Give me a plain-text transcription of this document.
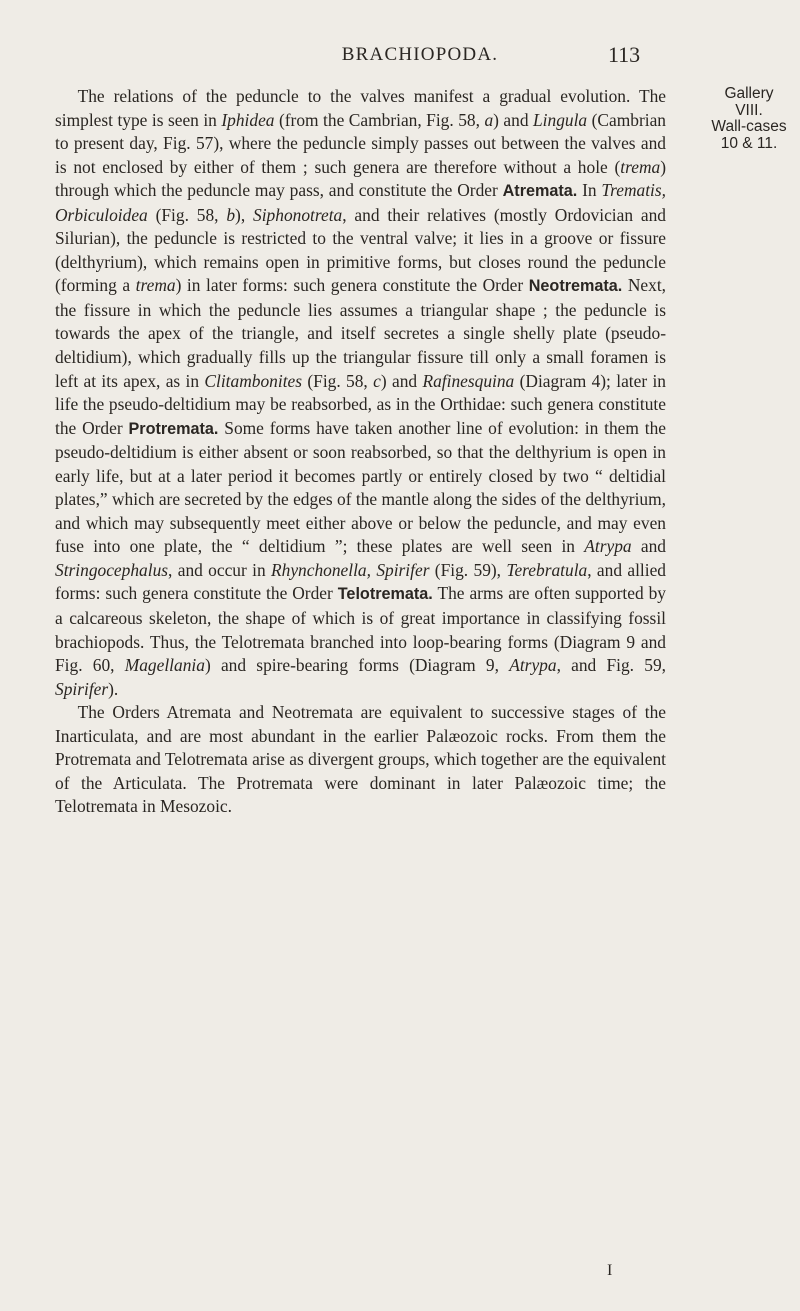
BRACHIOPODA.	113
Gallery
VIII.
Wall-cases
10 & 11.

The relations of the peduncle to the valves manifest a gradual evolution. The simplest type is seen in Iphidea (from the Cambrian, Fig. 58, a) and Lingula (Cambrian to present day, Fig. 57), where the peduncle simply passes out between the valves and is not enclosed by either of them ; such genera are therefore without a hole (trema) through which the peduncle may pass, and constitute the Order Atremata. In Trematis, Orbiculoidea (Fig. 58, b), Siphonotreta, and their relatives (mostly Ordovician and Silurian), the peduncle is restricted to the ventral valve; it lies in a groove or fissure (delthyrium), which remains open in primitive forms, but closes round the peduncle (forming a trema) in later forms: such genera constitute the Order Neotremata. Next, the fissure in which the peduncle lies assumes a triangular shape ; the peduncle is towards the apex of the triangle, and itself secretes a single shelly plate (pseudo-deltidium), which gradually fills up the triangular fissure till only a small foramen is left at its apex, as in Clitambonites (Fig. 58, c) and Rafinesquina (Diagram 4); later in life the pseudo-deltidium may be reabsorbed, as in the Orthidae: such genera constitute the Order Protremata. Some forms have taken another line of evolution: in them the pseudo-deltidium is either absent or soon reabsorbed, so that the delthyrium is open in early life, but at a later period it becomes partly or entirely closed by two “ deltidial plates,” which are secreted by the edges of the mantle along the sides of the delthyrium, and which may subsequently meet either above or below the peduncle, and may even fuse into one plate, the “ deltidium ”; these plates are well seen in Atrypa and Stringocephalus, and occur in Rhynchonella, Spirifer (Fig. 59), Terebratula, and allied forms: such genera constitute the Order Telotremata. The arms are often supported by a calcareous skeleton, the shape of which is of great importance in classifying fossil brachiopods. Thus, the Telotremata branched into loop-bearing forms (Diagram 9 and Fig. 60, Magellania) and spire-bearing forms (Diagram 9, Atrypa, and Fig. 59, Spirifer).

The Orders Atremata and Neotremata are equivalent to successive stages of the Inarticulata, and are most abundant in the earlier Palæozoic rocks. From them the Protremata and Telotremata arise as divergent groups, which together are the equivalent of the Articulata. The Protremata were dominant in later Palæozoic time; the Telotremata in Mesozoic.

I
